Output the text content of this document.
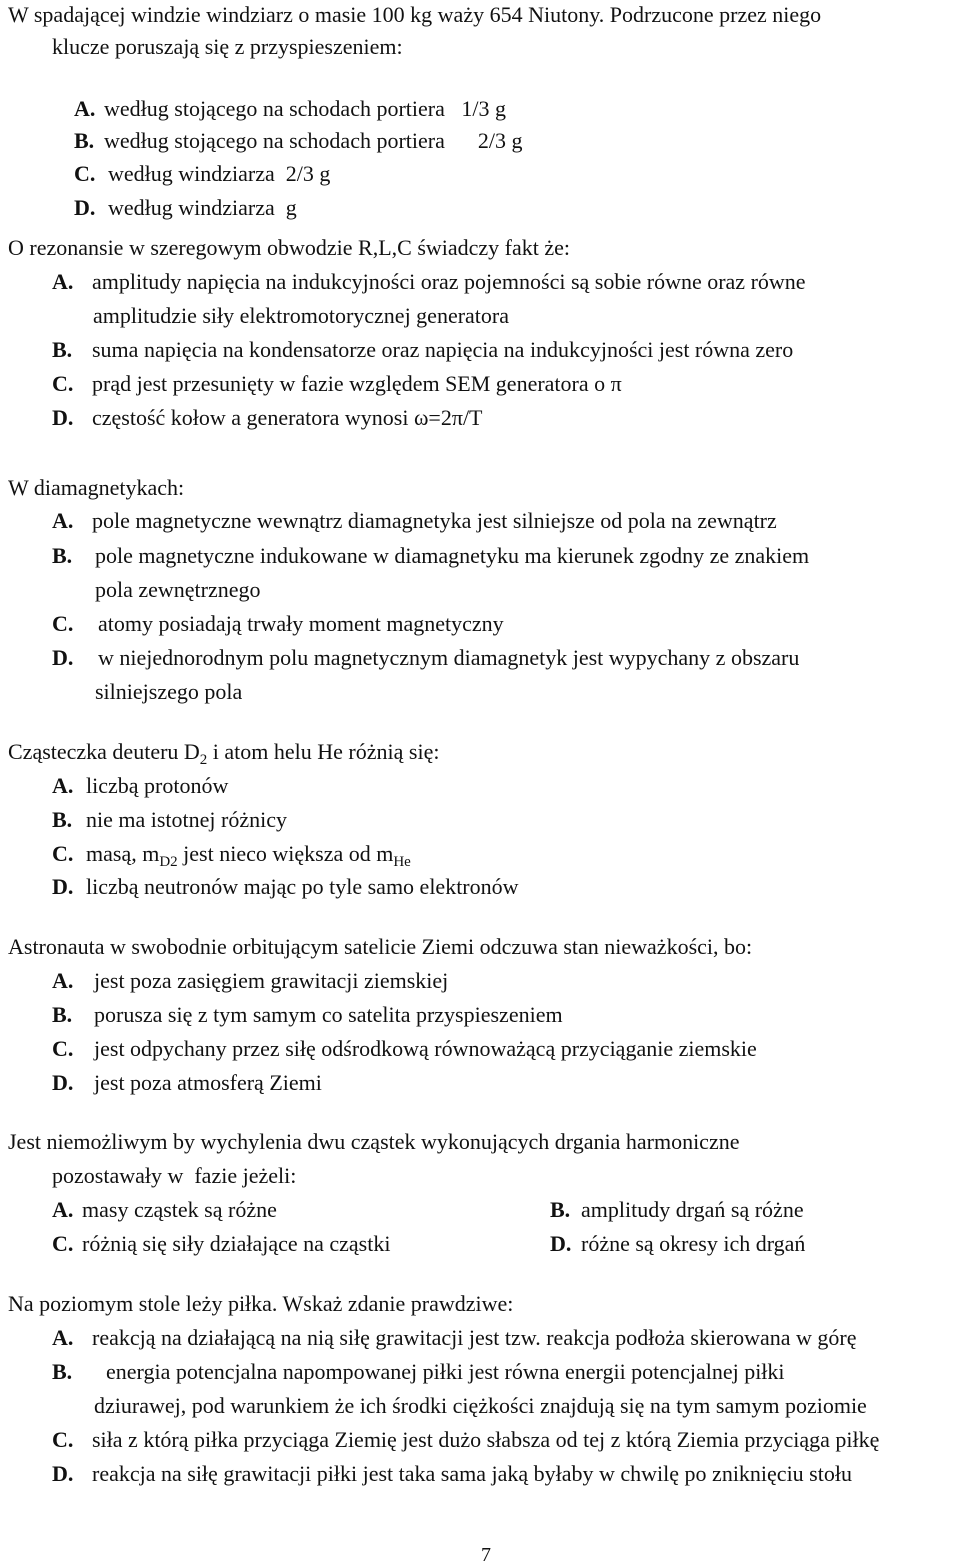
W spadającej windzie windziarz o masie 100 kg waży 654 Niutony. Podrzucone przez niego
klucze poruszają się z przyspieszeniem:

A. według stojącego na schodach portiera   1/3 g

B. według stojącego na schodach portiera      2/3 g

C. według windziarza  2/3 g

D. według windziarza  g

O rezonansie w szeregowym obwodzie R,L,C świadczy fakt że:
A. amplitudy napięcia na indukcyjności oraz pojemności są sobie równe oraz równe
amplitudzie siły elektromotorycznej generatora
B. suma napięcia na kondensatorze oraz napięcia na indukcyjności jest równa zero
C. prąd jest przesunięty w fazie względem SEM generatora o π
D. częstość kołow a generatora wynosi ω=2π/T
W diamagnetykach:
A. pole magnetyczne wewnątrz diamagnetyka jest silniejsze od pola na zewnątrz
B. pole magnetyczne indukowane w diamagnetyku ma kierunek zgodny ze znakiem
pola zewnętrznego
C. atomy posiadają trwały moment magnetyczny
D. w niejednorodnym polu magnetycznym diamagnetyk jest wypychany z obszaru
silniejszego pola
Cząsteczka deuteru $D_2$ i atom helu He różnią się:
A. liczbą protonów
B. nie ma istotnej różnicy
C. masą, $m_{D2}$ jest nieco większa od $m_{He}$
D. liczbą neutronów mając po tyle samo elektronów
Astronauta w swobodnie orbitującym satelicie Ziemi odczuwa stan nieważkości, bo:
A. jest poza zasięgiem grawitacji ziemskiej
B. porusza się z tym samym co satelita przyspieszeniem
C. jest odpychany przez siłę odśrodkową równoważącą przyciąganie ziemskie
D. jest poza atmosferą Ziemi
Jest niemożliwym by wychylenia dwu cząstek wykonujących drgania harmoniczne
pozostawały w  fazie jeżeli:
A. masy cząstek są różne	B. amplitudy drgań są różne
C. różnią się siły działające na cząstki	D. różne są okresy ich drgań
Na poziomym stole leży piłka. Wskaż zdanie prawdziwe:
A. reakcją na działającą na nią siłę grawitacji jest tzw. reakcja podłoża skierowana w górę
B. energia potencjalna napompowanej piłki jest równa energii potencjalnej piłki
dziurawej, pod warunkiem że ich środki ciężkości znajdują się na tym samym poziomie
C. siła z którą piłka przyciąga Ziemię jest dużo słabsza od tej z którą Ziemia przyciąga piłkę
D. reakcja na siłę grawitacji piłki jest taka sama jaką byłaby w chwilę po zniknięciu stołu
7
